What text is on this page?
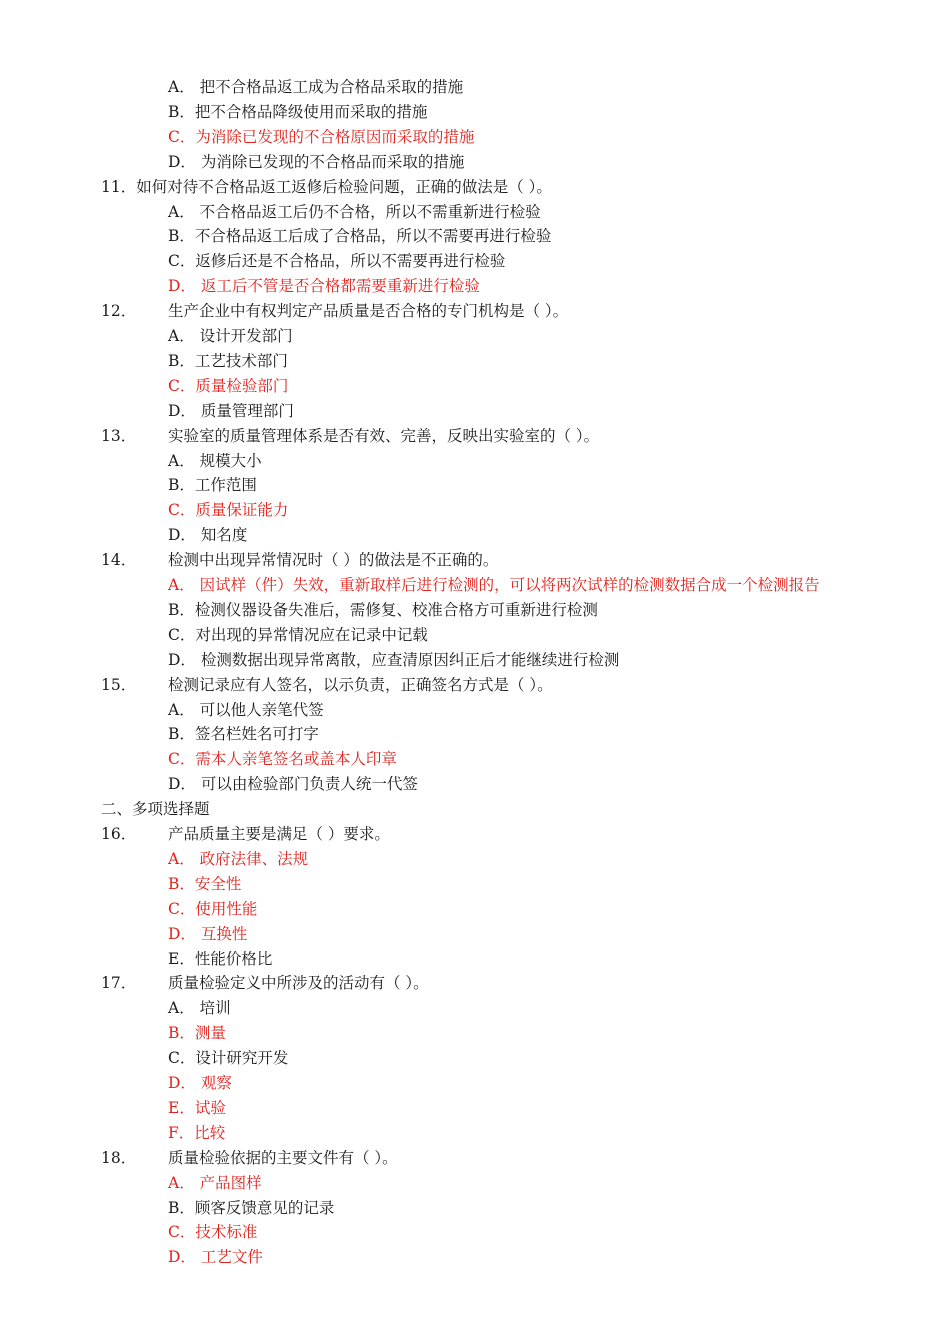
A． 把不合格品返工成为合格品采取的措施
B．把不合格品降级使用而采取的措施
C．为消除已发现的不合格原因而采取的措施
D． 为消除已发现的不合格品而采取的措施
11．如何对待不合格品返工返修后检验问题，正确的做法是（ ）。
A． 不合格品返工后仍不合格，所以不需重新进行检验
B．不合格品返工后成了合格品，所以不需要再进行检验
C．返修后还是不合格品，所以不需要再进行检验
D． 返工后不管是否合格都需要重新进行检验
12． 生产企业中有权判定产品质量是否合格的专门机构是（ ）。
A． 设计开发部门
B．工艺技术部门
C．质量检验部门
D． 质量管理部门
13． 实验室的质量管理体系是否有效、完善，反映出实验室的（ ）。
A． 规模大小
B．工作范围
C．质量保证能力
D． 知名度
14． 检测中出现异常情况时（ ）的做法是不正确的。
A． 因试样（件）失效，重新取样后进行检测的，可以将两次试样的检测数据合成一个检测报告
B．检测仪器设备失准后，需修复、校准合格方可重新进行检测
C．对出现的异常情况应在记录中记载
D． 检测数据出现异常离散，应查清原因纠正后才能继续进行检测
15． 检测记录应有人签名，以示负责，正确签名方式是（ ）。
A． 可以他人亲笔代签
B．签名栏姓名可打字
C．需本人亲笔签名或盖本人印章
D． 可以由检验部门负责人统一代签
二、多项选择题
16． 产品质量主要是满足（ ）要求。
A． 政府法律、法规
B．安全性
C．使用性能
D． 互换性
E．性能价格比
17． 质量检验定义中所涉及的活动有（ ）。
A． 培训
B．测量
C．设计研究开发
D． 观察
E．试验
F．比较
18． 质量检验依据的主要文件有（ ）。
A． 产品图样
B．顾客反馈意见的记录
C．技术标准
D． 工艺文件
